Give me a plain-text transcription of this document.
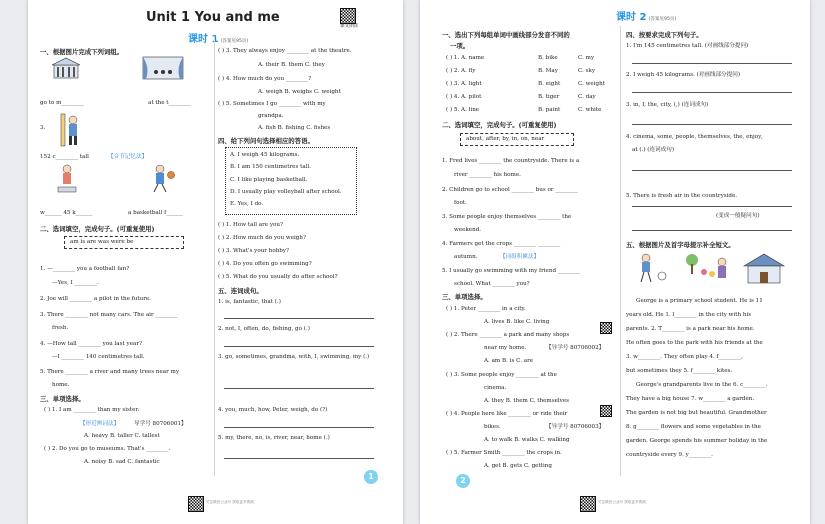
Unit 1 You and me
课文朗读
课时 1 (答案见95页)
一、根据图片完成下列词组。
go to m________	at the t________
3.
152 c________ tall	【音节记忆法】
w______ 45 k______	a basketball f______
二、选词填空，完成句子。(可重复使用)
am is are was were be
1. —________ you a football fan?
—Yes, I ________.
2. Joe will ________ a pilot in the future.
3. There ________ not many cars. The air ________
fresh.
4. —How tall ________ you last year?
—I ________ 140 centimetres tall.
5. There ________ a river and many trees near my
home.
三、单项选择。
( ) 1. I am ________ than my sister.
【形近辨词法】	导学号 80706001】
A. heavy B. taller C. tallest
( ) 2. Do you go to museums. That's ________.
A. noisy B. sad C. fantastic
( ) 3. They always enjoy ________ at the theatre.
A. their B. them C. they
( ) 4. How much do you ________?
A. weigh B. weighs C. weight
( ) 5. Sometimes I go ________ with my
grandpa.
A. fish B. fishing C. fishes
四、给下列问句选择相应的答语。
A. I weigh 45 kilograms.
B. I am 150 centimetres tall.
C. I like playing basketball.
D. I usually play volleyball after school.
E. Yes, I do.
( ) 1. How tall are you?
( ) 2. How much do you weigh?
( ) 3. What's your hobby?
( ) 4. Do you often go swimming?
( ) 5. What do you usually do after school?
五、连词成句。
1. is, fantastic, that (.)
2. not, I, often, do, fishing, go (.)
3. go, sometimes, grandma, with, I, swimming, my (.)
4. you, much, how, Peter, weigh, do (?)
5. my, there, no, is, river, near, home (.)
1
关注微信公众号 获取更多资源
课时 2 (答案见95页)
一、选出下列每组单词中画线部分发音不同的
一项。
( ) 1. A. name	B. bike	C. my
( ) 2. A. fly	B. May	C. sky
( ) 3. A. light	B. eight	C. weight
( ) 4. A. pilot	B. tiger	C. day
( ) 5. A. line	B. paint	C. white
二、选词填空，完成句子。(可重复使用)
about, after, by, in, on, near
1. Fred lives ________ the countryside. There is a
river ________ his home.
2. Children go to school ________ bus or ________
foot.
3. Some people enjoy themselves ________ the
weekend.
4. Farmers get the crops ________ ________
autumn.	【词组积累法】
5. I usually go swimming with my friend ________
school. What ________ you?
三、单项选择。
( ) 1. Peter ________ in a city.
A. lives B. like C. living
( ) 2. There ________ a park and many shops
near my home.	【导学号 80706002】
A. am B. is C. are
( ) 3. Some people enjoy ________ at the
cinema.
A. they B. them C. themselves
( ) 4. People here like ________ or ride their
bikes.	【导学号 80706003】
A. to walk B. walks C. walking
( ) 5. Farmer Smith ________ the crops in.
A. get B. gets C. getting
四、按要求完成下列句子。
1. I'm 145 centimetres tall. (对画线部分提问)
2. I weigh 45 kilograms. (对画线部分提问)
3. in, I, the, city, (,) (连词成句)
4. cinema, some, people, themselves, the, enjoy,
at (.) (连词成句)
5. There is fresh air in the countryside.
(变成一般疑问句)
五、根据图片及首字母提示补全短文。
George is a primary school student. He is 11
years old. He 1. l________ in the city with his
parents. 2. T________ is a park near his home.
He often goes to the park with his friends at the
3. w________. They often play 4. f________,
but sometimes they 5. f________ kites.
George's grandparents live in the 6. c________.
They have a big house 7. w________ a garden.
The garden is not big but beautiful. Grandmother
8. g________ flowers and some vegetables in the
garden. George spends his summer holiday in the
countryside every 9. y________.
2
关注微信公众号 获取更多资源
